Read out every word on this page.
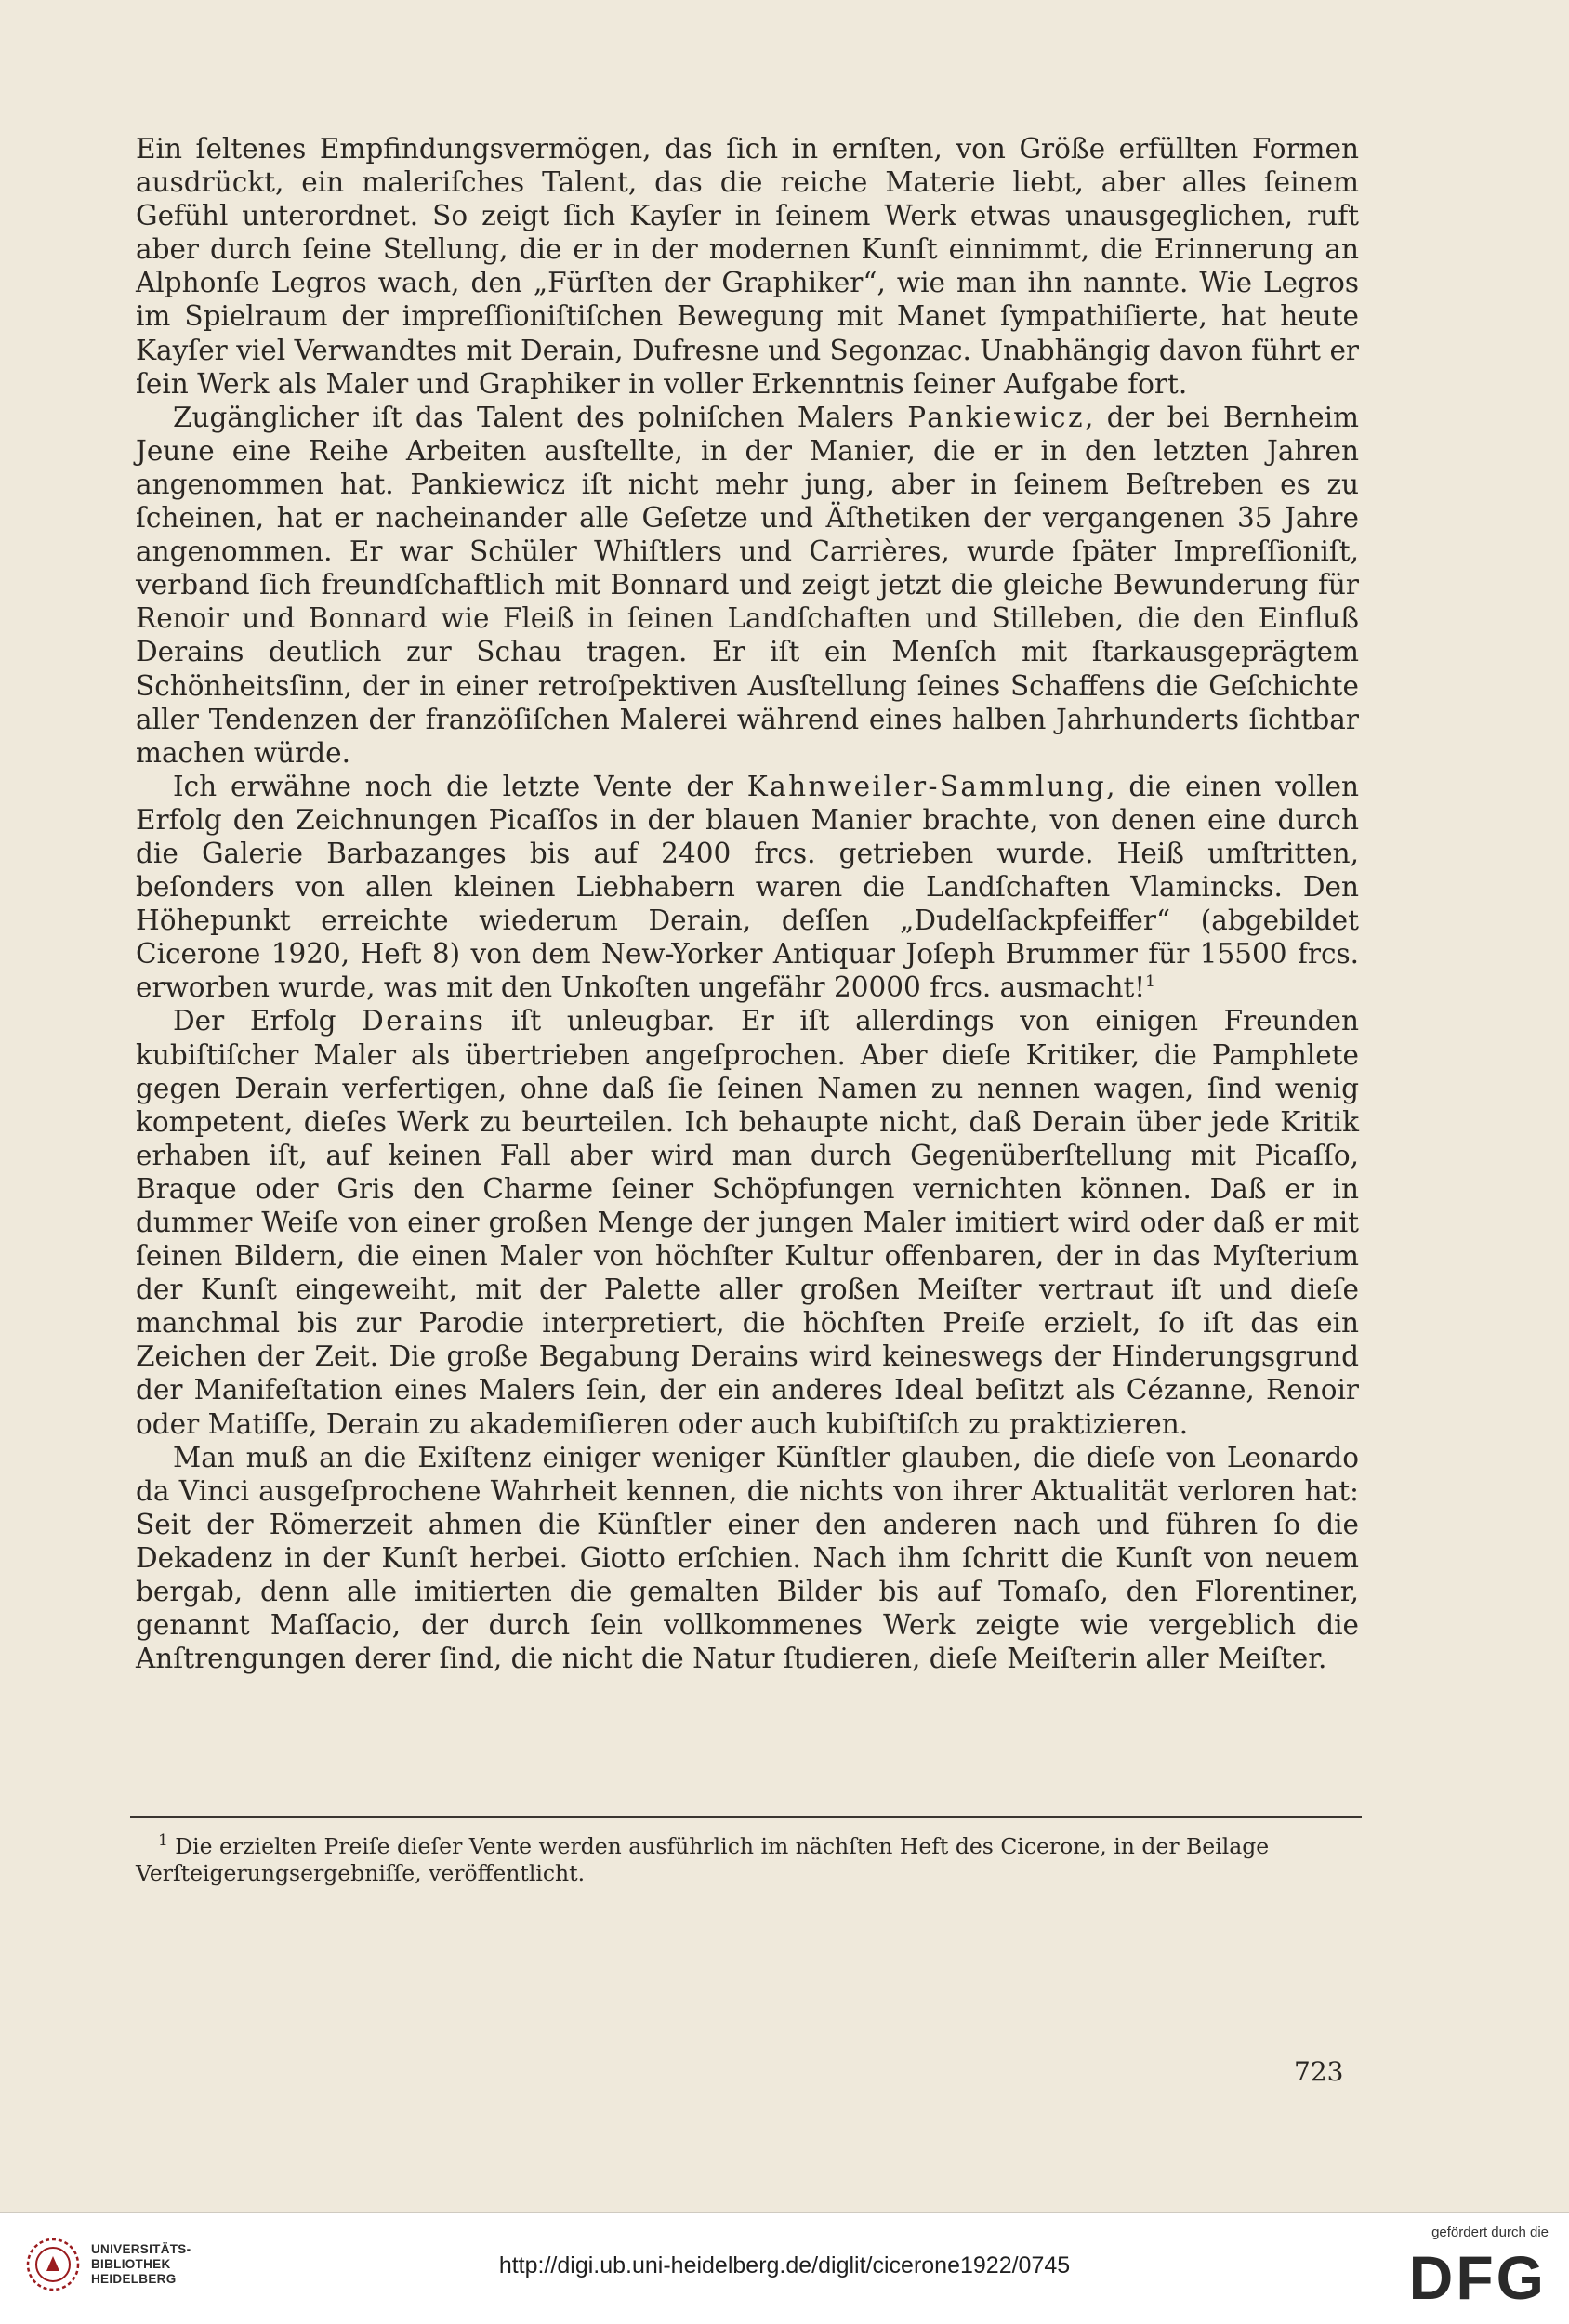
Ein ſeltenes Empfindungsvermögen, das ſich in ernſten, von Größe erfüllten Formen ausdrückt, ein maleriſches Talent, das die reiche Materie liebt, aber alles ſeinem Gefühl unterordnet. So zeigt ſich Kayſer in ſeinem Werk etwas unausgeglichen, ruft aber durch ſeine Stellung, die er in der modernen Kunſt einnimmt, die Erinnerung an Alphonſe Legros wach, den „Fürſten der Graphiker“, wie man ihn nannte. Wie Legros im Spielraum der impreſſioniſtiſchen Bewegung mit Manet ſympathiſierte, hat heute Kayſer viel Verwandtes mit Derain, Dufresne und Segonzac. Unabhängig davon führt er ſein Werk als Maler und Graphiker in voller Erkenntnis ſeiner Aufgabe fort.

Zugänglicher iſt das Talent des polniſchen Malers Pankiewicz, der bei Bernheim Jeune eine Reihe Arbeiten ausſtellte, in der Manier, die er in den letzten Jahren angenommen hat. Pankiewicz iſt nicht mehr jung, aber in ſeinem Beſtreben es zu ſcheinen, hat er nacheinander alle Geſetze und Äſthetiken der vergangenen 35 Jahre angenommen. Er war Schüler Whiſtlers und Carrières, wurde ſpäter Impreſſioniſt, verband ſich freundſchaftlich mit Bonnard und zeigt jetzt die gleiche Bewunderung für Renoir und Bonnard wie Fleiß in ſeinen Landſchaften und Stilleben, die den Einfluß Derains deutlich zur Schau tragen. Er iſt ein Menſch mit ſtarkausgeprägtem Schönheitsſinn, der in einer retroſpektiven Ausſtellung ſeines Schaffens die Geſchichte aller Tendenzen der franzöſiſchen Malerei während eines halben Jahrhunderts ſichtbar machen würde.

Ich erwähne noch die letzte Vente der Kahnweiler-Sammlung, die einen vollen Erfolg den Zeichnungen Picaſſos in der blauen Manier brachte, von denen eine durch die Galerie Barbazanges bis auf 2400 frcs. getrieben wurde. Heiß umſtritten, beſonders von allen kleinen Liebhabern waren die Landſchaften Vlamincks. Den Höhepunkt erreichte wiederum Derain, deſſen „Dudelſackpfeiffer“ (abgebildet Cicerone 1920, Heft 8) von dem New-Yorker Antiquar Joſeph Brummer für 15500 frcs. erworben wurde, was mit den Unkoſten ungefähr 20000 frcs. ausmacht!$^1$

Der Erfolg Derains iſt unleugbar. Er iſt allerdings von einigen Freunden kubiſtiſcher Maler als übertrieben angeſprochen. Aber dieſe Kritiker, die Pamphlete gegen Derain verfertigen, ohne daß ſie ſeinen Namen zu nennen wagen, ſind wenig kompetent, dieſes Werk zu beurteilen. Ich behaupte nicht, daß Derain über jede Kritik erhaben iſt, auf keinen Fall aber wird man durch Gegenüberſtellung mit Picaſſo, Braque oder Gris den Charme ſeiner Schöpfungen vernichten können. Daß er in dummer Weiſe von einer großen Menge der jungen Maler imitiert wird oder daß er mit ſeinen Bildern, die einen Maler von höchſter Kultur offenbaren, der in das Myſterium der Kunſt eingeweiht, mit der Palette aller großen Meiſter vertraut iſt und dieſe manchmal bis zur Parodie interpretiert, die höchſten Preiſe erzielt, ſo iſt das ein Zeichen der Zeit. Die große Begabung Derains wird keineswegs der Hinderungsgrund der Manifeſtation eines Malers ſein, der ein anderes Ideal beſitzt als Cézanne, Renoir oder Matiſſe, Derain zu akademiſieren oder auch kubiſtiſch zu praktizieren.

Man muß an die Exiſtenz einiger weniger Künſtler glauben, die dieſe von Leonardo da Vinci ausgeſprochene Wahrheit kennen, die nichts von ihrer Aktualität verloren hat: Seit der Römerzeit ahmen die Künſtler einer den anderen nach und führen ſo die Dekadenz in der Kunſt herbei. Giotto erſchien. Nach ihm ſchritt die Kunſt von neuem bergab, denn alle imitierten die gemalten Bilder bis auf Tomaſo, den Florentiner, genannt Maſſacio, der durch ſein vollkommenes Werk zeigte wie vergeblich die Anſtrengungen derer ſind, die nicht die Natur ſtudieren, dieſe Meiſterin aller Meiſter.

$^1$ Die erzielten Preiſe dieſer Vente werden ausführlich im nächſten Heft des Cicerone, in der Beilage Verſteigerungsergebniſſe, veröffentlicht.

723
UNIVERSITÄTS-
BIBLIOTHEK
HEIDELBERG
http://digi.ub.uni-heidelberg.de/diglit/cicerone1922/0745
gefördert durch die
DFG
